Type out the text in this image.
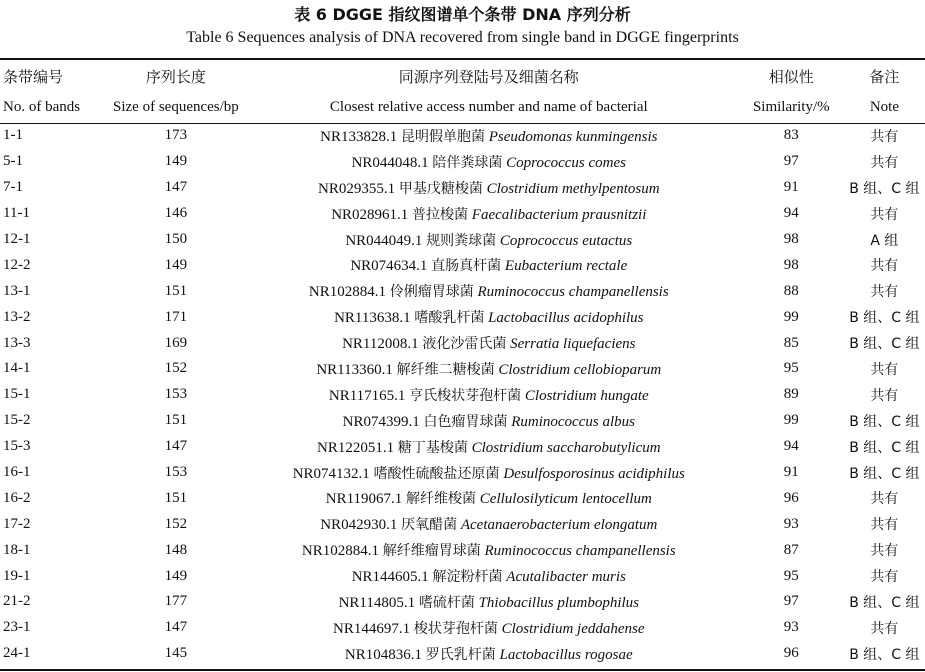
表 6 DGGE 指纹图谱单个条带 DNA 序列分析
Table 6 Sequences analysis of DNA recovered from single band in DGGE fingerprints
条带编号	序列长度	同源序列登陆号及细菌名称	相似性	备注
No. of bands	Size of sequences/bp	Closest relative access number and name of bacterial	Similarity/%	Note
1-1	173	NR133828.1 昆明假单胞菌 Pseudomonas kunmingensis	83	共有
5-1	149	NR044048.1 陪伴粪球菌 Coprococcus comes	97	共有
7-1	147	NR029355.1 甲基戊糖梭菌 Clostridium methylpentosum	91	B 组、C 组
11-1	146	NR028961.1 普拉梭菌 Faecalibacterium prausnitzii	94	共有
12-1	150	NR044049.1 规则粪球菌 Coprococcus eutactus	98	A 组
12-2	149	NR074634.1 直肠真杆菌 Eubacterium rectale	98	共有
13-1	151	NR102884.1 伶俐瘤胃球菌 Ruminococcus champanellensis	88	共有
13-2	171	NR113638.1 嗜酸乳杆菌 Lactobacillus acidophilus	99	B 组、C 组
13-3	169	NR112008.1 液化沙雷氏菌 Serratia liquefaciens	85	B 组、C 组
14-1	152	NR113360.1 解纤维二糖梭菌 Clostridium cellobioparum	95	共有
15-1	153	NR117165.1 亨氏梭状芽孢杆菌 Clostridium hungate	89	共有
15-2	151	NR074399.1 白色瘤胃球菌 Ruminococcus albus	99	B 组、C 组
15-3	147	NR122051.1 糖丁基梭菌 Clostridium saccharobutylicum	94	B 组、C 组
16-1	153	NR074132.1 嗜酸性硫酸盐还原菌 Desulfosporosinus acidiphilus	91	B 组、C 组
16-2	151	NR119067.1 解纤维梭菌 Cellulosilyticum lentocellum	96	共有
17-2	152	NR042930.1 厌氧醋菌 Acetanaerobacterium elongatum	93	共有
18-1	148	NR102884.1 解纤维瘤胃球菌 Ruminococcus champanellensis	87	共有
19-1	149	NR144605.1 解淀粉杆菌 Acutalibacter muris	95	共有
21-2	177	NR114805.1 嗜硫杆菌 Thiobacillus plumbophilus	97	B 组、C 组
23-1	147	NR144697.1 梭状芽孢杆菌 Clostridium jeddahense	93	共有
24-1	145	NR104836.1 罗氏乳杆菌 Lactobacillus rogosae	96	B 组、C 组
